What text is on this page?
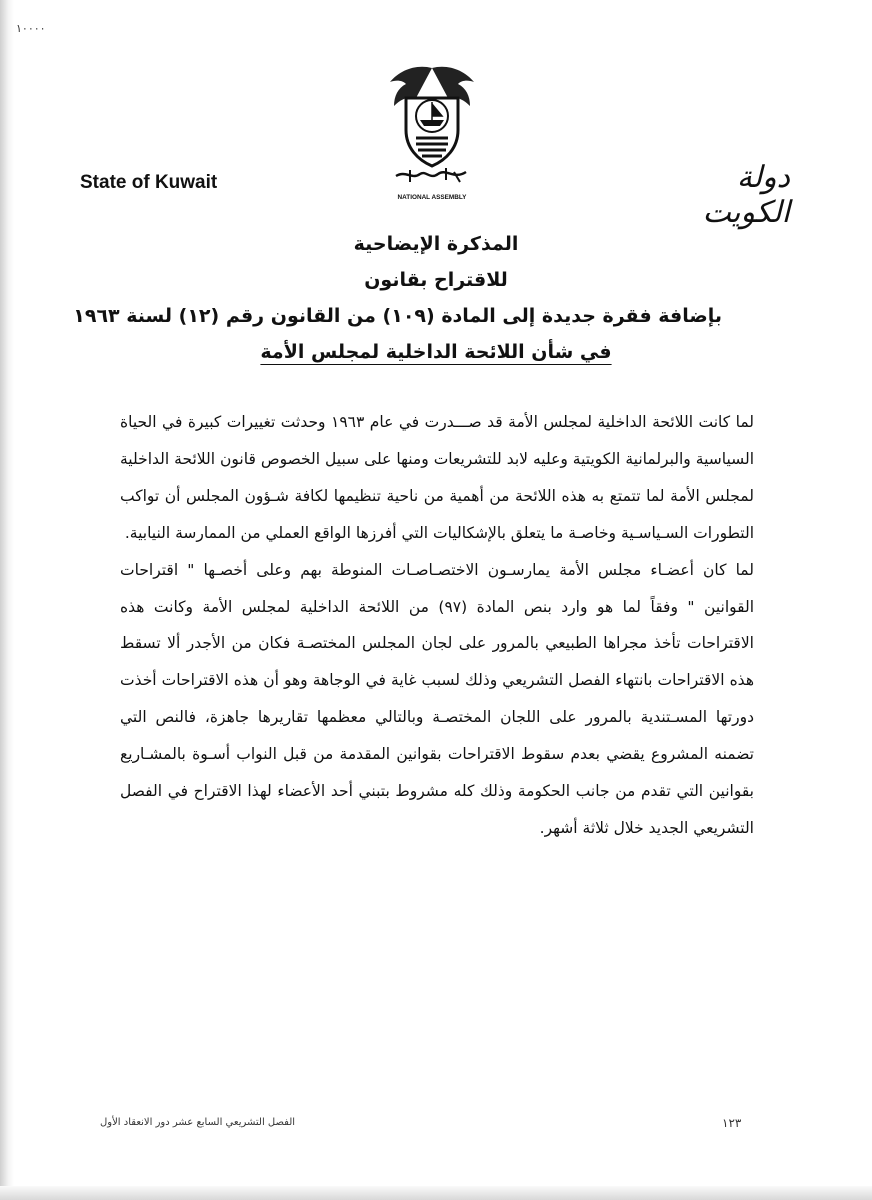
١٠٠٠٠
NATIONAL ASSEMBLY
State of Kuwait	دولة الكويت
المذكرة الإيضاحية
للاقتراح بقانون
بإضافة فقرة جديدة إلى المادة (١٠٩) من القانون رقم (١٢) لسنة ١٩٦٣
في شأن اللائحة الداخلية لمجلس الأمة

لما كانت اللائحة الداخلية لمجلس الأمة قد صـــدرت في عام ١٩٦٣ وحدثت تغييرات كبيرة في الحياة السياسية والبرلمانية الكويتية وعليه لابد للتشريعات ومنها على سبيل الخصوص قانون اللائحة الداخلية لمجلس الأمة لما تتمتع به هذه اللائحة من أهمية من ناحية تنظيمها لكافة شـؤون المجلس أن تواكب التطورات السـياسـية وخاصـة ما يتعلق بالإشكاليات التي أفرزها الواقع العملي من الممارسة النيابية.

لما كان أعضـاء مجلس الأمة يمارسـون الاختصـاصـات المنوطة بهم وعلى أخصـها " اقتراحات القوانين " وفقاً لما هو وارد بنص المادة (٩٧) من اللائحة الداخلية لمجلس الأمة وكانت هذه الاقتراحات تأخذ مجراها الطبيعي بالمرور على لجان المجلس المختصـة فكان من الأجدر ألا تسقط هذه الاقتراحات بانتهاء الفصل التشريعي وذلك لسبب غاية في الوجاهة وهو أن هذه الاقتراحات أخذت دورتها المسـتندية بالمرور على اللجان المختصـة وبالتالي معظمها تقاريرها جاهزة، فالنص التي تضمنه المشروع يقضي بعدم سقوط الاقتراحات بقوانين المقدمة من قبل النواب أسـوة بالمشـاريع بقوانين التي تقدم من جانب الحكومة وذلك كله مشروط بتبني أحد الأعضاء لهذا الاقتراح في الفصل التشريعي الجديد خلال ثلاثة أشهر.

الفصل التشريعي السابع عشر دور الانعقاد الأول	١٢٣
